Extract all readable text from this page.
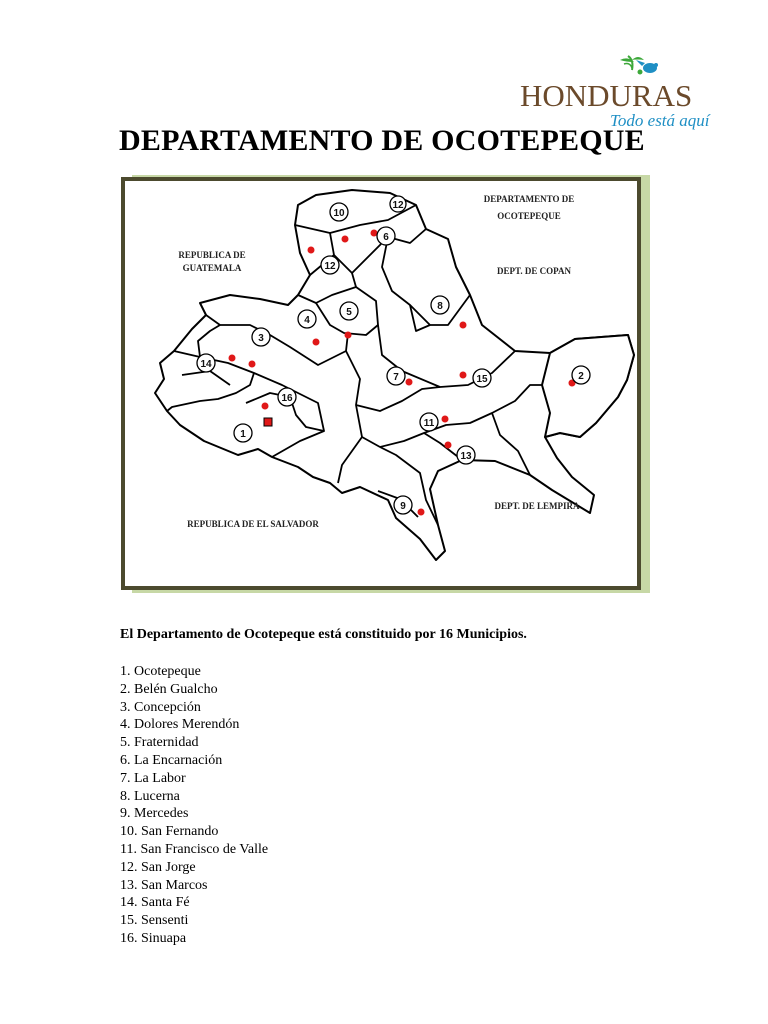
HONDURAS
Todo está aquí
DEPARTAMENTO DE OCOTEPEQUE
10
12
6
12
8
5
4
3
14
7	15	2
16
11
1
13
9
DEPARTAMENTO DE
OCOTEPEQUE
REPUBLICA DE
GUATEMALA	DEPT. DE COPAN
REPUBLICA DE EL SALVADOR
DEPT. DE LEMPIRA

El Departamento de Ocotepeque está constituido por 16 Municipios.

1. Ocotepeque
2. Belén Gualcho
3. Concepción
4. Dolores Merendón
5. Fraternidad
6. La Encarnación
7. La Labor
8. Lucerna
9. Mercedes
10. San Fernando
11. San Francisco de Valle
12. San Jorge
13. San Marcos
14. Santa Fé
15. Sensenti
16. Sinuapa
